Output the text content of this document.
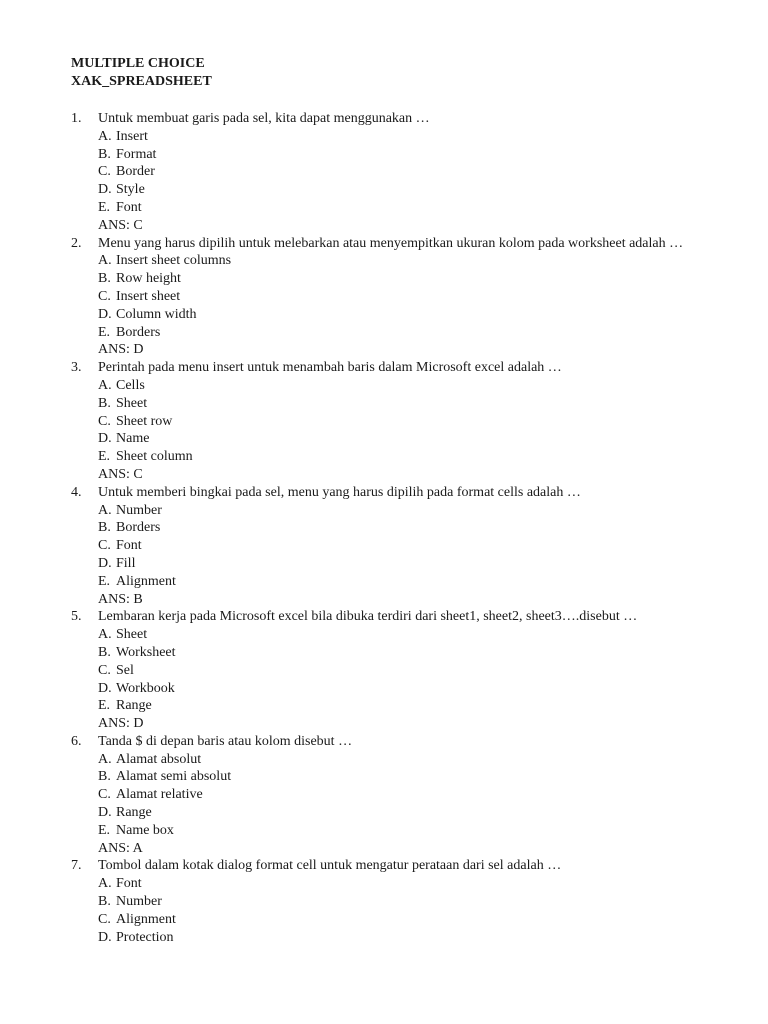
MULTIPLE CHOICE
XAK_SPREADSHEET
1.	Untuk membuat garis pada sel, kita dapat menggunakan …
A. Insert
B. Format
C. Border
D. Style
E. Font
ANS: C
2.	Menu yang harus dipilih untuk melebarkan atau menyempitkan ukuran kolom pada worksheet adalah …
A. Insert sheet columns
B. Row height
C. Insert sheet
D. Column width
E. Borders
ANS: D
3.	Perintah pada menu insert untuk menambah baris dalam Microsoft excel adalah …
A. Cells
B. Sheet
C. Sheet row
D. Name
E. Sheet column
ANS: C
4.	Untuk memberi bingkai pada sel, menu yang harus dipilih pada format cells adalah …
A. Number
B. Borders
C. Font
D. Fill
E. Alignment
ANS: B
5.	Lembaran kerja pada Microsoft excel bila dibuka terdiri dari sheet1, sheet2, sheet3….disebut …
A. Sheet
B. Worksheet
C. Sel
D. Workbook
E. Range
ANS: D
6.	Tanda $ di depan baris atau kolom disebut …
A. Alamat absolut
B. Alamat semi absolut
C. Alamat relative
D. Range
E. Name box
ANS: A
7.	Tombol dalam kotak dialog format cell untuk mengatur perataan dari sel adalah …
A. Font
B. Number
C. Alignment
D. Protection
